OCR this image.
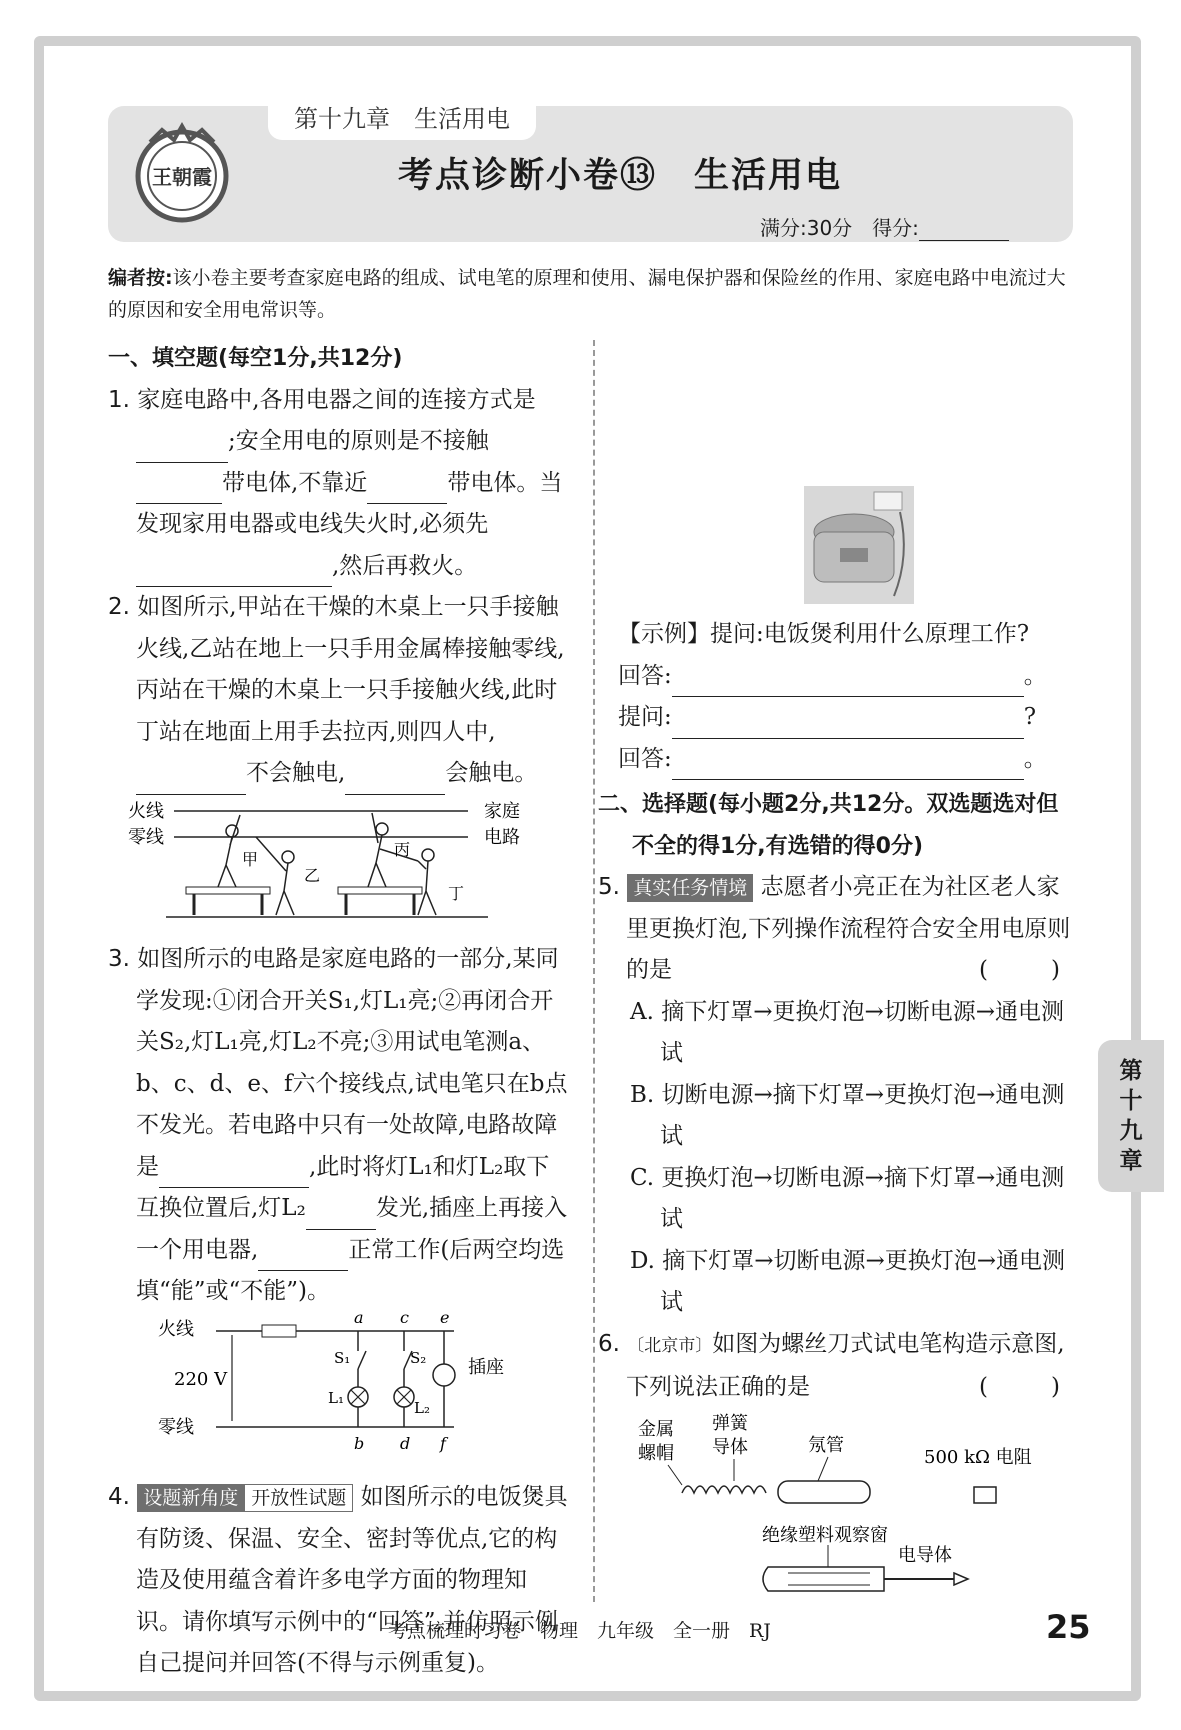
第十九章　生活用电
王朝霞	考点诊断小卷⑬　生活用电
满分:30分　得分:
编者按:该小卷主要考查家庭电路的组成、试电笔的原理和使用、漏电保护器和保险丝的作用、家庭电路中电流过大的原因和安全用电常识等。
一、填空题(每空1分,共12分)
1. 家庭电路中,各用电器之间的连接方式是;安全用电的原则是不接触带电体,不靠近	带电体。当发现家用电器或电线失火时,必须先,然后再救火。
2. 如图所示,甲站在干燥的木桌上一只手接触火线,乙站在地上一只手用金属棒接触零线,丙站在干燥的木桌上一只手接触火线,此时丁站在地面上用手去拉丙,则四人中,不会触电,	会触电。
火线
零线
家庭
电路
甲
乙
丙
丁
3. 如图所示的电路是家庭电路的一部分,某同学发现:①闭合开关S₁,灯L₁亮;②再闭合开关S₂,灯L₁亮,灯L₂不亮;③用试电笔测a、b、c、d、e、f六个接线点,试电笔只在b点不发光。若电路中只有一处故障,电路故障是	,此时将灯L₁和灯L₂取下互换位置后,灯L₂	发光,插座上再接入一个用电器,	正常工作(后两空均选填“能”或“不能”)。
火线
零线
220 V
插座
a c e
b d f
S₁	S₂
L₁
L₂
4. 设题新角度 开放性试题 如图所示的电饭煲具有防烫、保温、安全、密封等优点,它的构造及使用蕴含着许多电学方面的物理知识。请你填写示例中的“回答”,并仿照示例自己提问并回答(不得与示例重复)。
【示例】提问:电饭煲利用什么原理工作?
回答:	。
提问:	?
回答:	。
二、选择题(每小题2分,共12分。双选题选对但不全的得1分,有选错的得0分)
5. 真实任务情境 志愿者小亮正在为社区老人家里更换灯泡,下列操作流程符合安全用电原则的是	(　)
A. 摘下灯罩→更换灯泡→切断电源→通电测试
B. 切断电源→摘下灯罩→更换灯泡→通电测试
C. 更换灯泡→切断电源→摘下灯罩→通电测试
D. 摘下灯罩→切断电源→更换灯泡→通电测试
6. 〔北京市〕如图为螺丝刀式试电笔构造示意图,下列说法正确的是	(　)
金属
螺帽
弹簧
导体	氖管
500 kΩ 电阻
绝缘塑料观察窗
电导体
第
十
九
章
考点梳理时习卷　物理　九年级　全一册　RJ	25
